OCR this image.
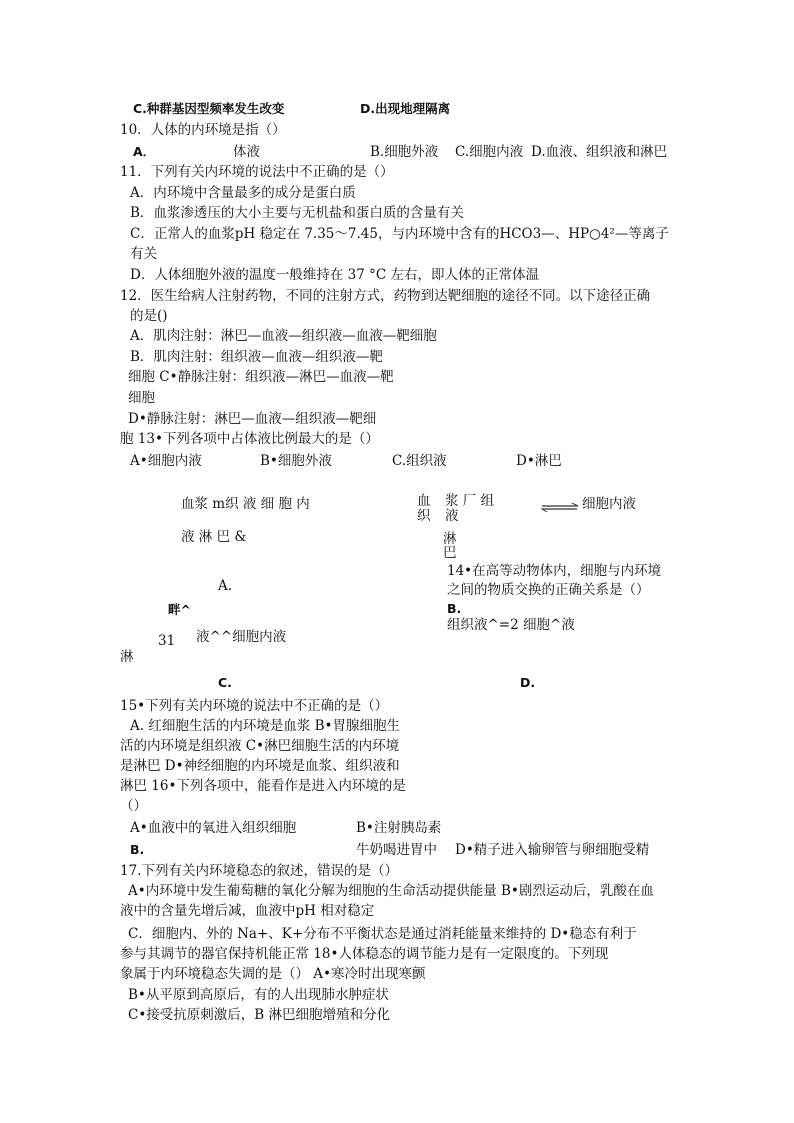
C.种群基因型频率发生改变	D.出现地理隔离
10．人体的内环境是指（）
A．	体液	B.细胞外液 C.细胞内液 D.血液、组织液和淋巴
11．下列有关内环境的说法中不正确的是（）
A．内环境中含量最多的成分是蛋白质
B．血浆渗透压的大小主要与无机盐和蛋白质的含量有关
C．正常人的血浆pH 稳定在 7.35〜7.45，与内环境中含有的HCO3—、HP○4²—等离子
有关
D．人体细胞外液的温度一般维持在 37 °C 左右，即人体的正常体温
12．医生给病人注射药物，不同的注射方式，药物到达靶细胞的途径不同。以下途径正确
的是()
A．肌肉注射：淋巴—血液—组织液—血液—靶细胞
B．肌肉注射：组织液—血液—组织液—靶
细胞 C•静脉注射：组织液—淋巴—血液—靶
细胞
D•静脉注射：淋巴—血液—组织液—靶细
胞 13•下列各项中占体液比例最大的是（）
A•细胞内液	B•细胞外液	C.组织液	D•淋巴
血浆 m织 液 细 胞 内
液 淋 巴 &
血
织
浆 厂 组
液
淋
巴
细胞内液
A.
畔^
31 液^^细胞内液
淋
C.	D.
14•在高等动物体内，细胞与内环境
之间的物质交换的正确关系是（）
B.
组织液^=2 细胞^液
15•下列有关内环境的说法中不正确的是（）
A. 红细胞生活的内环境是血浆 B•胃腺细胞生
活的内环境是组织液 C•淋巴细胞生活的内环境
是淋巴 D•神经细胞的内环境是血浆、组织液和
淋巴 16•下列各项中，能看作是进入内环境的是
（）
A•血液中的氧进入组织细胞	B•注射胰岛素
B.	牛奶喝进胃中 D•精子进入输卵管与卵细胞受精
17.下列有关内环境稳态的叙述，错误的是（）
A•内环境中发生葡萄糖的氧化分解为细胞的生命活动提供能量 B•剧烈运动后，乳酸在血
液中的含量先增后减，血液中pH 相对稳定
C．细胞内、外的 Na+、K+分布不平衡状态是通过消耗能量来维持的 D•稳态有利于
参与其调节的器官保持机能正常 18•人体稳态的调节能力是有一定限度的。下列现
象属于内环境稳态失调的是（） A•寒冷时出现寒颤
B•从平原到高原后，有的人出现肺水肿症状
C•接受抗原刺激后，B 淋巴细胞增殖和分化
